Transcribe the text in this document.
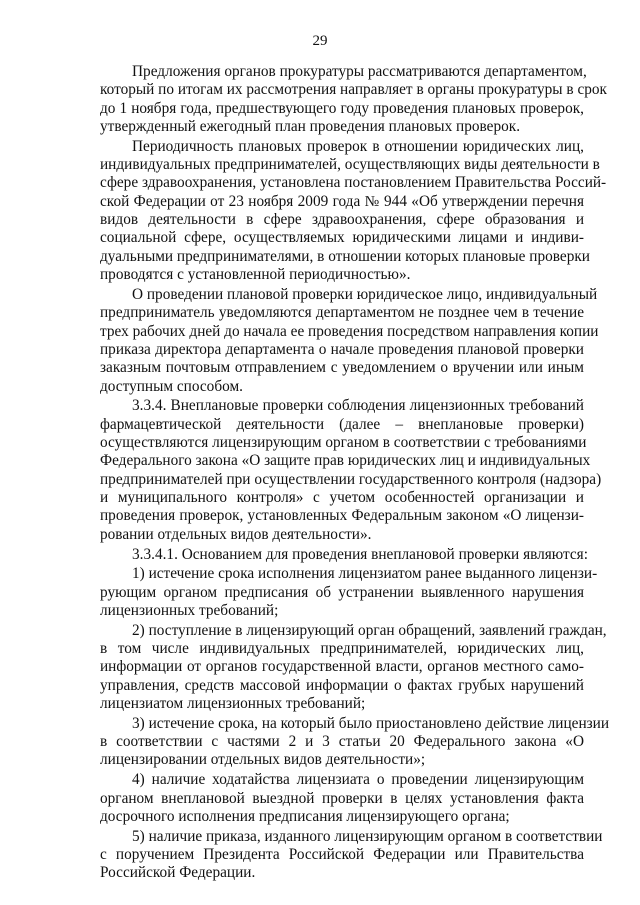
29
Предложения органов прокуратуры рассматриваются департаментом,
который по итогам их рассмотрения направляет в органы прокуратуры в срок
до 1 ноября года, предшествующего году проведения плановых проверок,
утвержденный ежегодный план проведения плановых проверок.
Периодичность плановых проверок в отношении юридических лиц,
индивидуальных предпринимателей, осуществляющих виды деятельности в
сфере здравоохранения, установлена постановлением Правительства Россий-
ской Федерации от 23 ноября 2009 года № 944 «Об утверждении перечня
видов деятельности в сфере здравоохранения, сфере образования и
социальной сфере, осуществляемых юридическими лицами и индиви-
дуальными предпринимателями, в отношении которых плановые проверки
проводятся с установленной периодичностью».
О проведении плановой проверки юридическое лицо, индивидуальный
предприниматель уведомляются департаментом не позднее чем в течение
трех рабочих дней до начала ее проведения посредством направления копии
приказа директора департамента о начале проведения плановой проверки
заказным почтовым отправлением с уведомлением о вручении или иным
доступным способом.
3.3.4. Внеплановые проверки соблюдения лицензионных требований
фармацевтической деятельности (далее – внеплановые проверки)
осуществляются лицензирующим органом в соответствии с требованиями
Федерального закона «О защите прав юридических лиц и индивидуальных
предпринимателей при осуществлении государственного контроля (надзора)
и муниципального контроля» с учетом особенностей организации и
проведения проверок, установленных Федеральным законом «О лицензи-
ровании отдельных видов деятельности».
3.3.4.1. Основанием для проведения внеплановой проверки являются:
1) истечение срока исполнения лицензиатом ранее выданного лицензи-
рующим органом предписания об устранении выявленного нарушения
лицензионных требований;
2) поступление в лицензирующий орган обращений, заявлений граждан,
в том числе индивидуальных предпринимателей, юридических лиц,
информации от органов государственной власти, органов местного само-
управления, средств массовой информации о фактах грубых нарушений
лицензиатом лицензионных требований;
3) истечение срока, на который было приостановлено действие лицензии
в соответствии с частями 2 и 3 статьи 20 Федерального закона «О
лицензировании отдельных видов деятельности»;
4) наличие ходатайства лицензиата о проведении лицензирующим
органом внеплановой выездной проверки в целях установления факта
досрочного исполнения предписания лицензирующего органа;
5) наличие приказа, изданного лицензирующим органом в соответствии
с поручением Президента Российской Федерации или Правительства
Российской Федерации.
